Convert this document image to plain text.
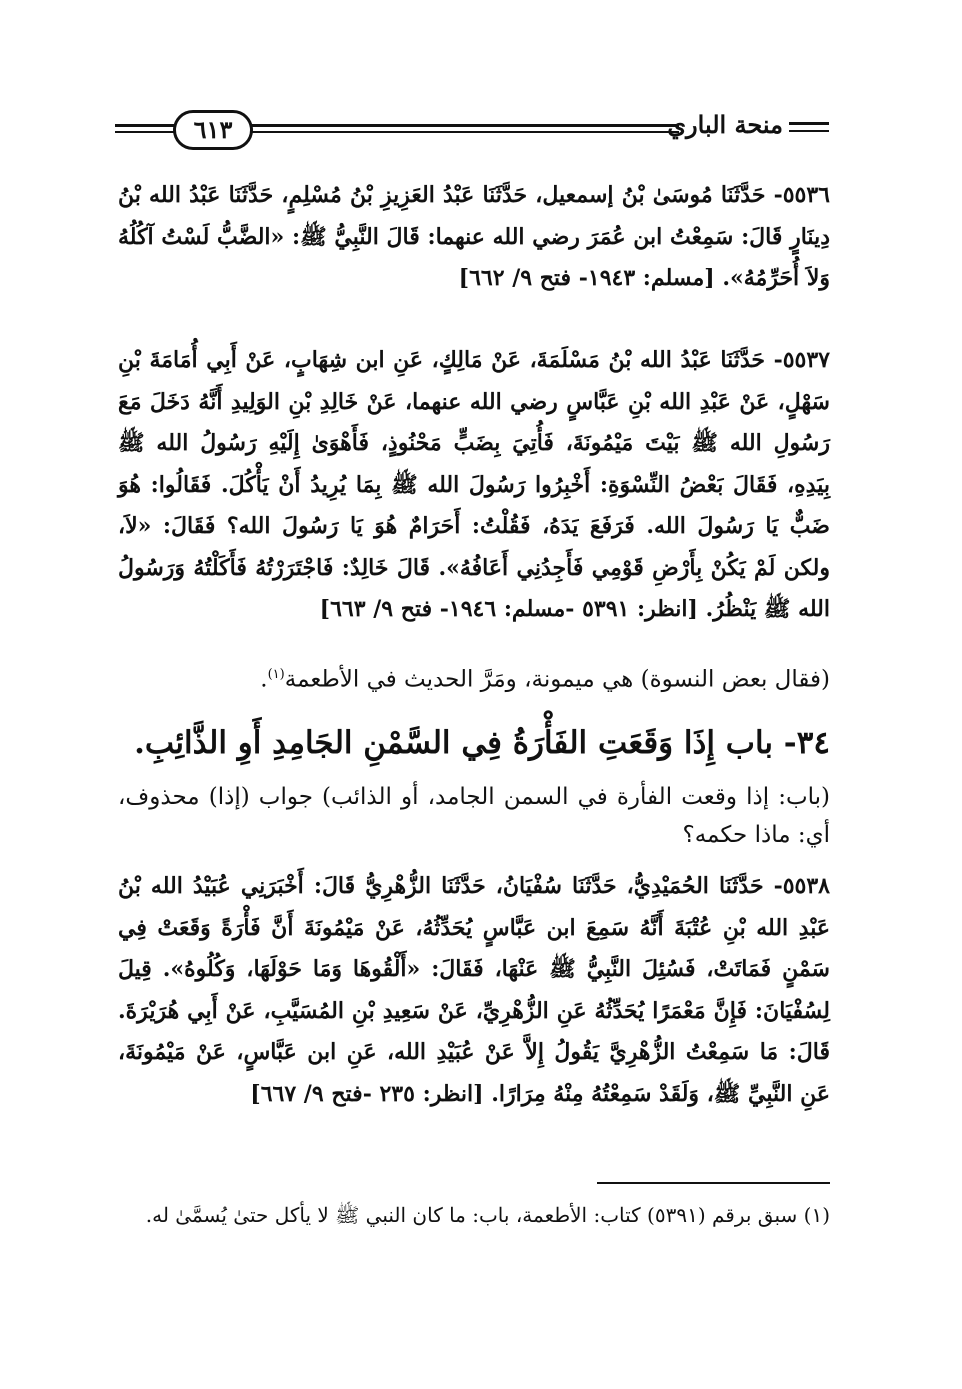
٦١٣	منحة الباري
٥٥٣٦- حَدَّثَنَا مُوسَىٰ بْنُ إسمعيل، حَدَّثَنَا عَبْدُ العَزِيزِ بْنُ مُسْلِمٍ، حَدَّثَنَا عَبْدُ الله بْنُ دِينَارٍ قَالَ: سَمِعْتُ ابن عُمَرَ رضي الله عنهما: قَالَ النَّبِيُّ ﷺ: «الضَّبُّ لَسْتُ آكُلُهُ وَلاَ أُحَرِّمُهُ». [مسلم: ١٩٤٣- فتح ٩/ ٦٦٢]
٥٥٣٧- حَدَّثَنَا عَبْدُ الله بْنُ مَسْلَمَةَ، عَنْ مَالِكٍ، عَنِ ابن شِهَابٍ، عَنْ أَبِي أُمَامَةَ بْنِ سَهْلٍ، عَنْ عَبْدِ الله بْنِ عَبَّاسٍ رضي الله عنهما، عَنْ خَالِدِ بْنِ الوَلِيدِ أَنَّهُ دَخَلَ مَعَ رَسُولِ الله ﷺ بَيْتَ مَيْمُونَةَ، فَأُتِيَ بِضَبٍّ مَحْنُوذٍ، فَأَهْوَىٰ إِلَيْهِ رَسُولُ الله ﷺ بِيَدِهِ، فَقَالَ بَعْضُ النِّسْوَةِ: أَخْبِرُوا رَسُولَ الله ﷺ بِمَا يُرِيدُ أَنْ يَأْكُلَ. فَقَالُوا: هُوَ ضَبٌّ يَا رَسُولَ الله. فَرَفَعَ يَدَهُ، فَقُلْتُ: أَحَرَامٌ هُوَ يَا رَسُولَ الله؟ فَقَالَ: «لاَ، ولكن لَمْ يَكُنْ بِأَرْضِ قَوْمِي فَأَجِدُنِي أَعَافُهُ». قَالَ خَالِدٌ: فَاجْتَرَرْتُهُ فَأَكَلْتُهُ وَرَسُولُ الله ﷺ يَنْظُرُ. [انظر: ٥٣٩١ -مسلم: ١٩٤٦- فتح ٩/ ٦٦٣]
(فقال بعض النسوة) هي ميمونة، ومَرَّ الحديث في الأطعمة$^{(١)}$.
٣٤- باب إِذَا وَقَعَتِ الفَأْرَةُ فِي السَّمْنِ الجَامِدِ أَوِ الذَّائِبِ.
(باب: إذا وقعت الفأرة في السمن الجامد، أو الذائب) جواب (إذا) محذوف، أي: ماذا حكمه؟
٥٥٣٨- حَدَّثَنَا الحُمَيْدِيُّ، حَدَّثَنَا سُفْيَانُ، حَدَّثَنَا الزُّهْرِيُّ قَالَ: أَخْبَرَنِي عُبَيْدُ الله بْنُ عَبْدِ الله بْنِ عُتْبَةَ أَنَّهُ سَمِعَ ابن عَبَّاسٍ يُحَدِّثُهُ، عَنْ مَيْمُونَةَ أَنَّ فَأْرَةً وَقَعَتْ فِي سَمْنٍ فَمَاتَتْ، فَسُئِلَ النَّبِيُّ ﷺ عَنْهَا، فَقَالَ: «أَلْقُوهَا وَمَا حَوْلَهَا، وَكُلُوهُ». قِيلَ لِسُفْيَانَ: فَإِنَّ مَعْمَرًا يُحَدِّثُهُ عَنِ الزُّهْرِيِّ، عَنْ سَعِيدِ بْنِ المُسَيَّبِ، عَنْ أَبِي هُرَيْرَةَ. قَالَ: مَا سَمِعْتُ الزُّهْرِيَّ يَقُولُ إِلاَّ عَنْ عُبَيْدِ الله، عَنِ ابن عَبَّاسٍ، عَنْ مَيْمُونَةَ، عَنِ النَّبِيِّ ﷺ، وَلَقَدْ سَمِعْتُهُ مِنْهُ مِرَارًا. [انظر: ٢٣٥ -فتح ٩/ ٦٦٧]
(١) سبق برقم (٥٣٩١) كتاب: الأطعمة، باب: ما كان النبي ﷺ لا يأكل حتىٰ يُسمَّىٰ له.
